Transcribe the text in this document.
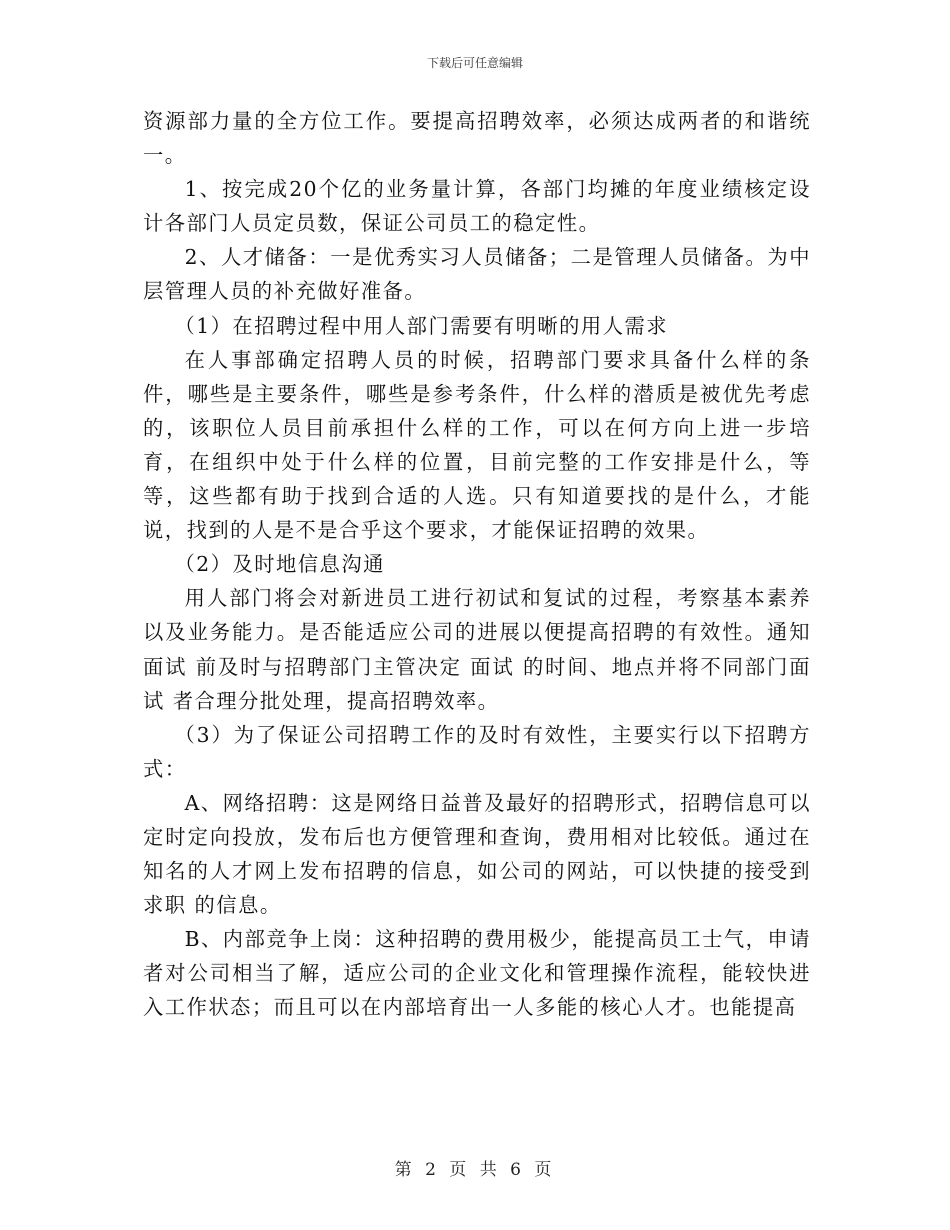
下载后可任意编辑

资源部力量的全方位工作。要提高招聘效率，必须达成两者的和谐统一。

1、按完成20个亿的业务量计算，各部门均摊的年度业绩核定设计各部门人员定员数，保证公司员工的稳定性。

2、人才储备：一是优秀实习人员储备；二是管理人员储备。为中层管理人员的补充做好准备。

（1）在招聘过程中用人部门需要有明晰的用人需求

在人事部确定招聘人员的时候，招聘部门要求具备什么样的条件，哪些是主要条件，哪些是参考条件，什么样的潜质是被优先考虑的，该职位人员目前承担什么样的工作，可以在何方向上进一步培育，在组织中处于什么样的位置，目前完整的工作安排是什么，等等，这些都有助于找到合适的人选。只有知道要找的是什么，才能说，找到的人是不是合乎这个要求，才能保证招聘的效果。

（2）及时地信息沟通

用人部门将会对新进员工进行初试和复试的过程，考察基本素养以及业务能力。是否能适应公司的进展以便提高招聘的有效性。通知面试 前及时与招聘部门主管决定 面试 的时间、地点并将不同部门面试 者合理分批处理，提高招聘效率。

（3）为了保证公司招聘工作的及时有效性，主要实行以下招聘方式：

A、网络招聘：这是网络日益普及最好的招聘形式，招聘信息可以定时定向投放，发布后也方便管理和查询，费用相对比较低。通过在知名的人才网上发布招聘的信息，如公司的网站，可以快捷的接受到求职 的信息。

B、内部竞争上岗：这种招聘的费用极少，能提高员工士气，申请者对公司相当了解，适应公司的企业文化和管理操作流程，能较快进入工作状态；而且可以在内部培育出一人多能的核心人才。也能提高

第 2 页 共 6 页
